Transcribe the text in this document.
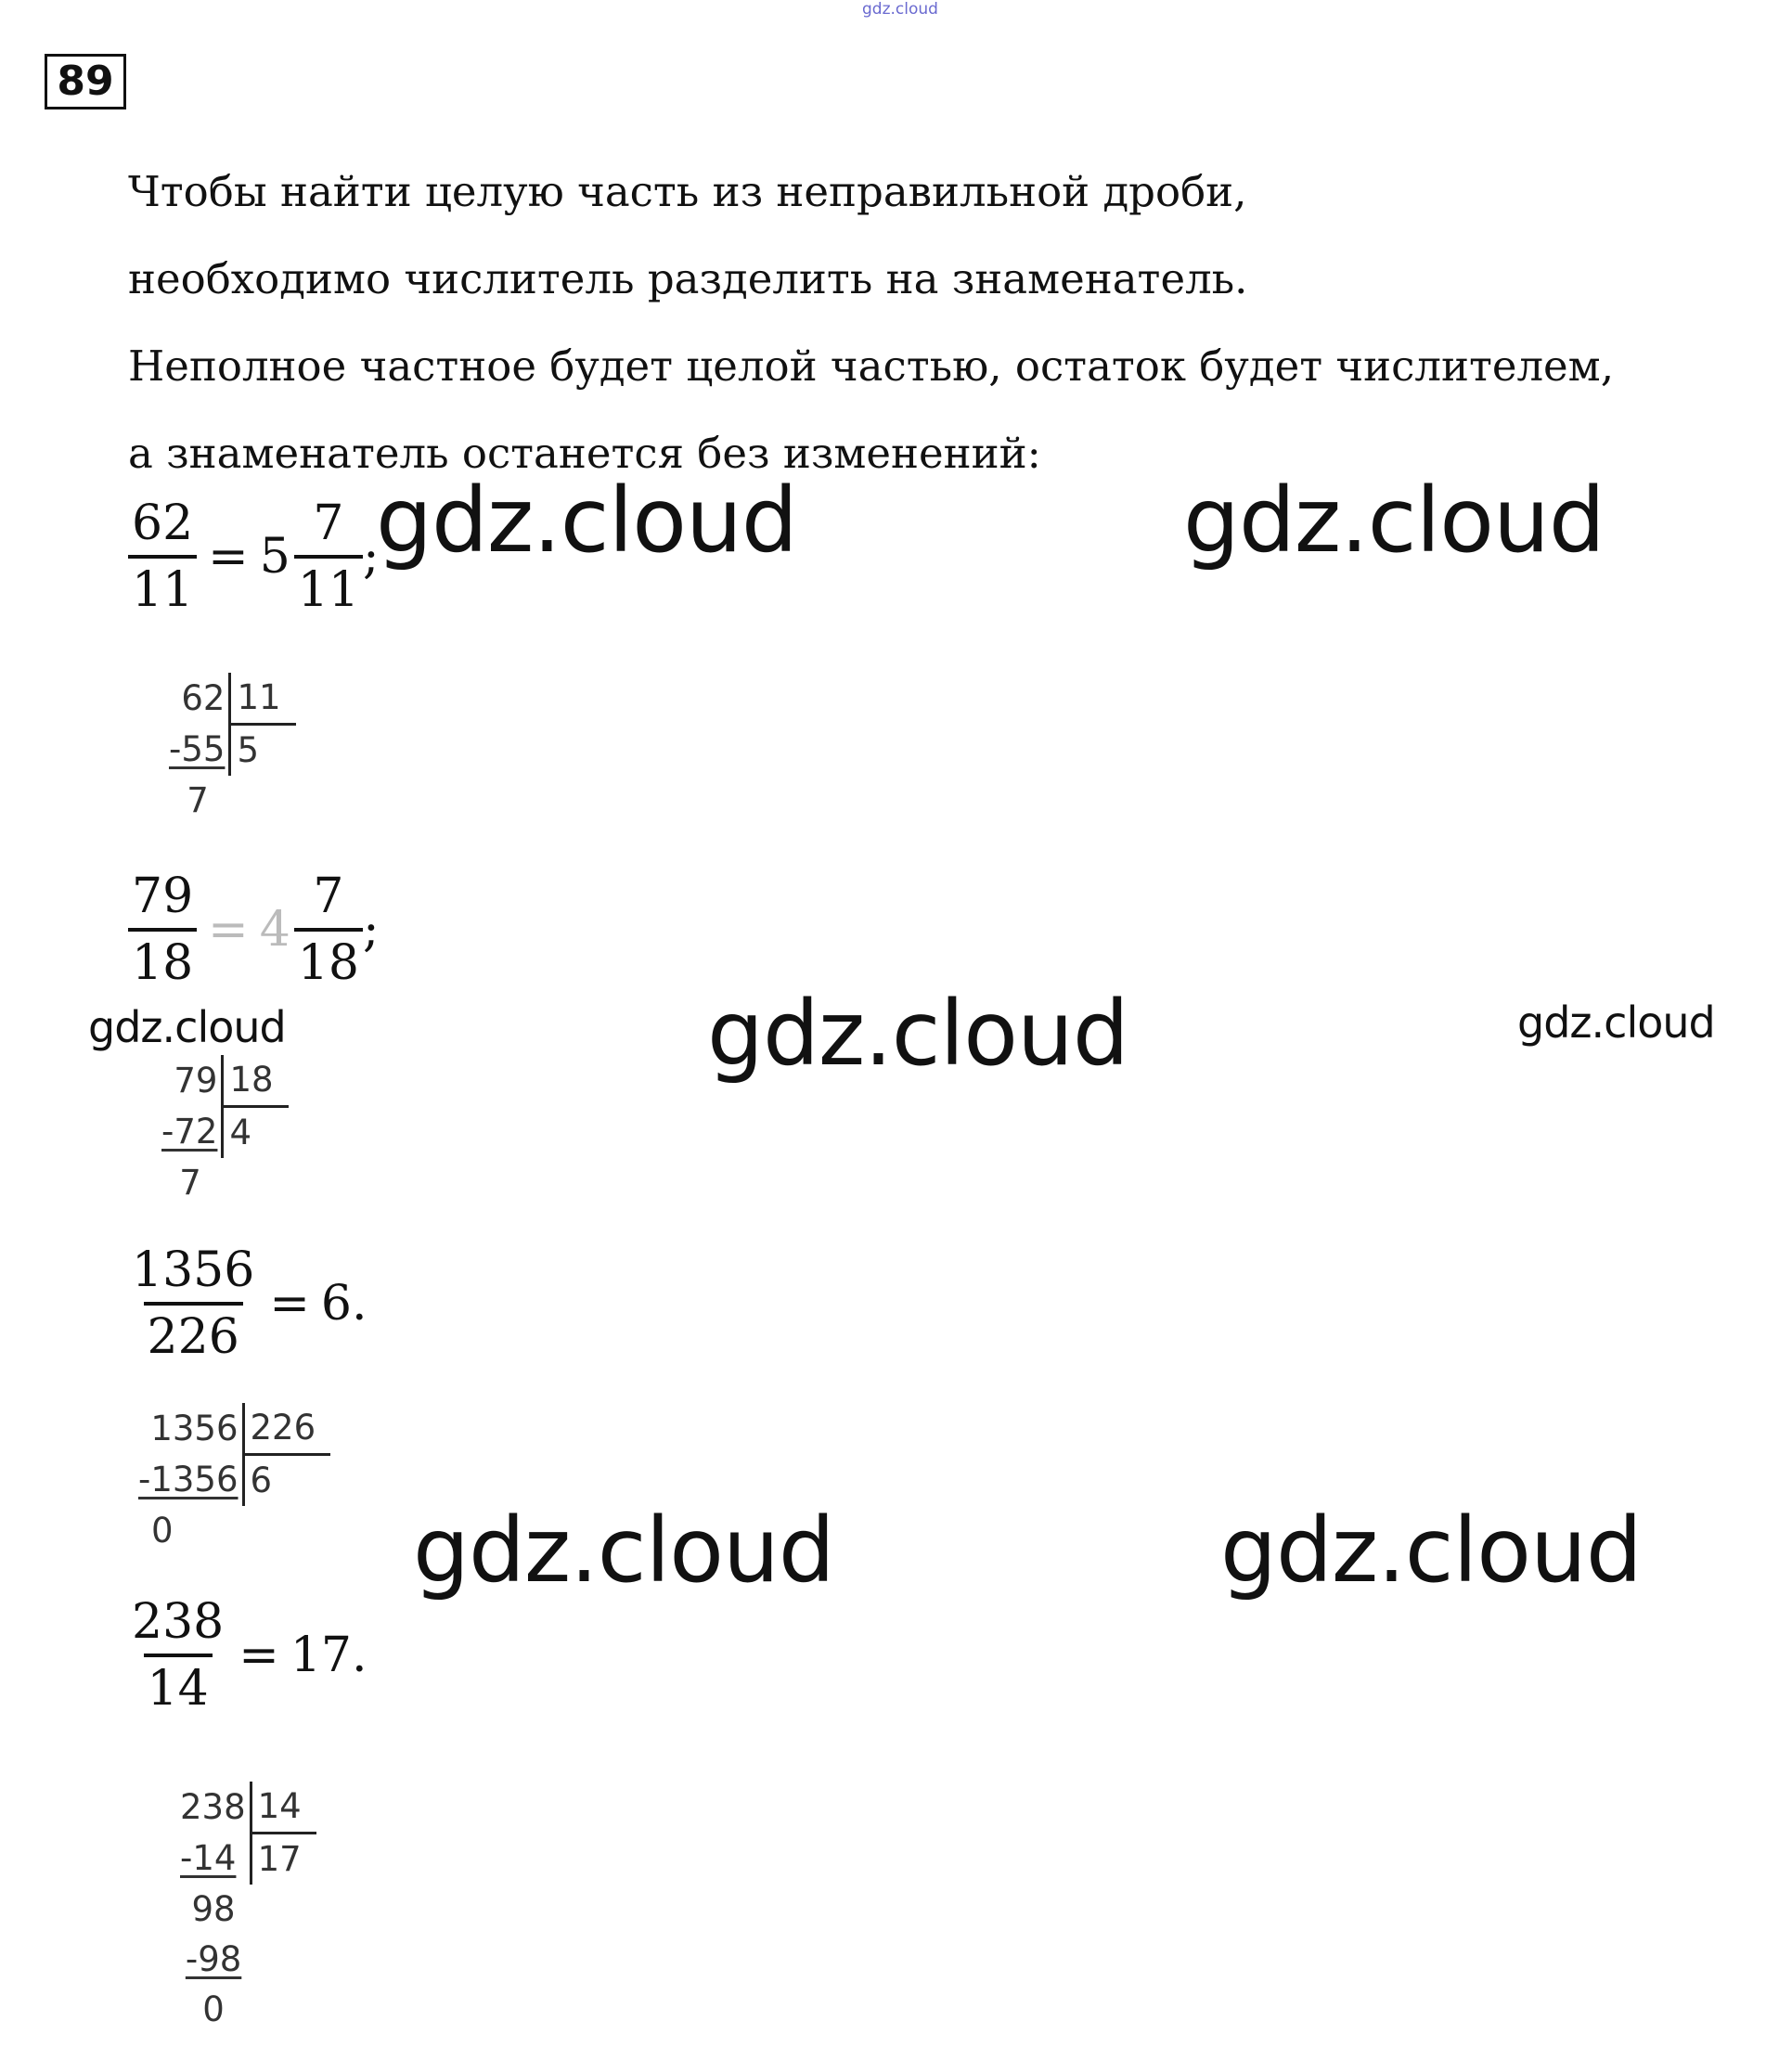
gdz.cloud
89
Чтобы найти целую часть из неправильной дроби,
необходимо числитель разделить на знаменатель.
Неполное частное будет целой частью, остаток будет числителем,
а знаменатель останется без изменений:
$\frac{62}{11} = 5 \frac{7}{11}$ ;
62	11
-55	5
7	
$\frac{79}{18} = 4 \frac{7}{18}$ ;
79	18
-72	4
7	
$\frac{1356}{226} = 6$.
1356	226
-1356	6
0	
$\frac{238}{14} = 17$.
238	14
-14	17
98	
-98	
0	
gdz.cloud	gdz.cloud
gdz.cloud	gdz.cloud	gdz.cloud
gdz.cloud	gdz.cloud
